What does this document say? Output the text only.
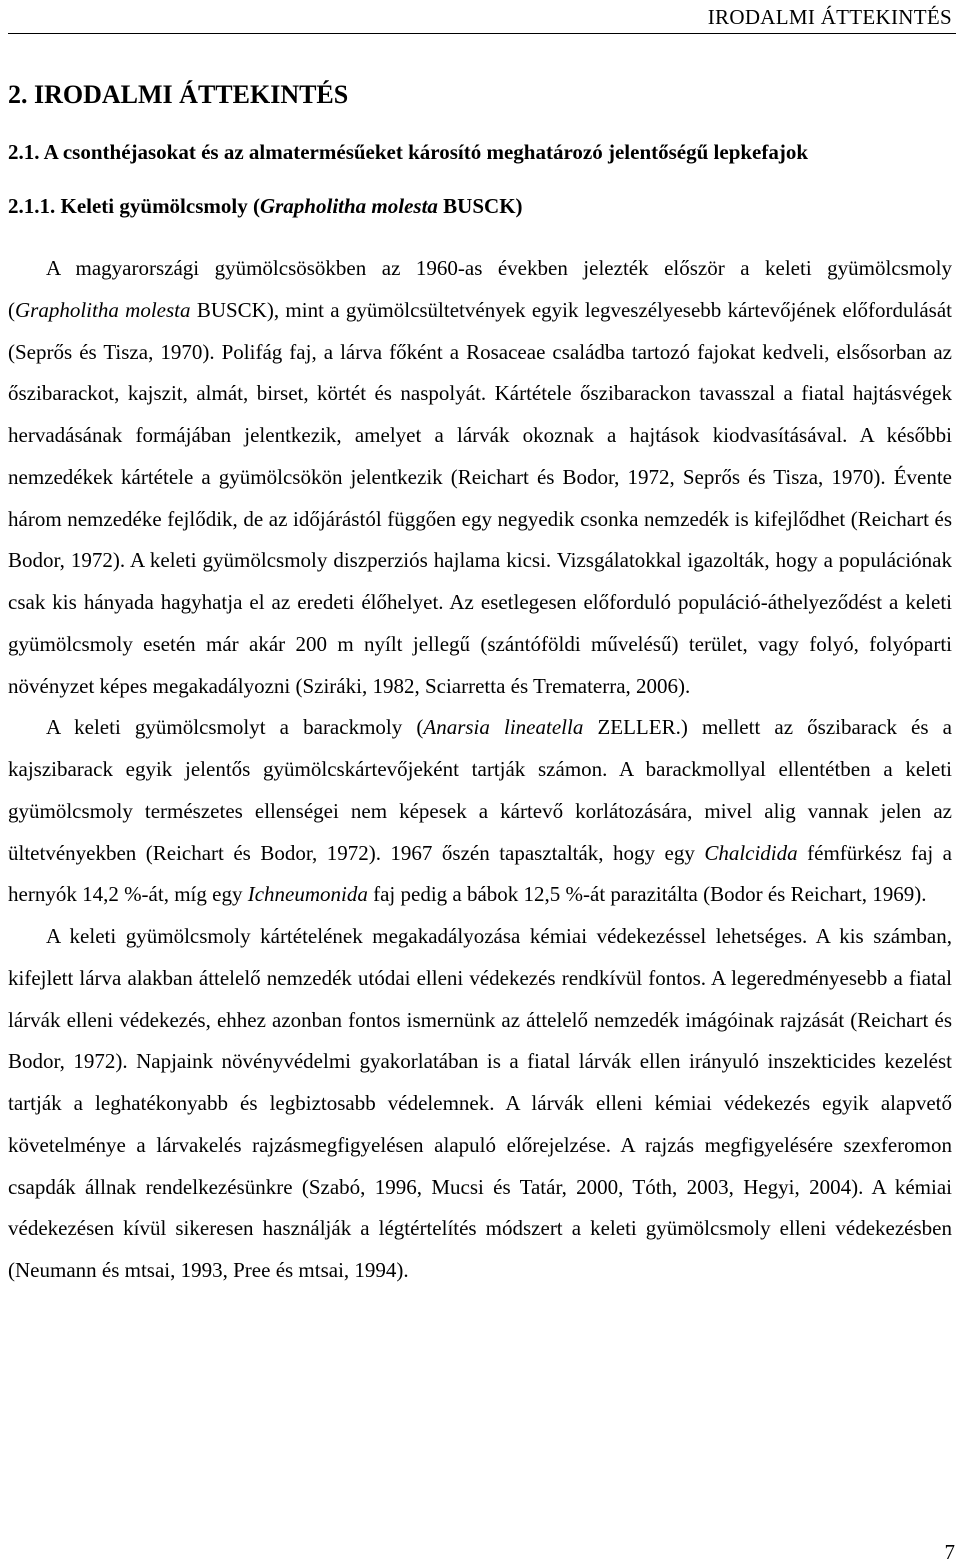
IRODALMI ÁTTEKINTÉS
2. IRODALMI ÁTTEKINTÉS
2.1. A csonthéjasokat és az almatermésűeket károsító meghatározó jelentőségű lepkefajok
2.1.1. Keleti gyümölcsmoly (Grapholitha molesta BUSCK)

A magyarországi gyümölcsösökben az 1960-as években jelezték először a keleti gyümölcsmoly (Grapholitha molesta BUSCK), mint a gyümölcsültetvények egyik legveszélyesebb kártevőjének előfordulását (Seprős és Tisza, 1970). Polifág faj, a lárva főként a Rosaceae családba tartozó fajokat kedveli, elsősorban az őszibarackot, kajszit, almát, birset, körtét és naspolyát. Kártétele őszibarackon tavasszal a fiatal hajtásvégek hervadásának formájában jelentkezik, amelyet a lárvák okoznak a hajtások kiodvasításával. A későbbi nemzedékek kártétele a gyümölcsökön jelentkezik (Reichart és Bodor, 1972, Seprős és Tisza, 1970). Évente három nemzedéke fejlődik, de az időjárástól függően egy negyedik csonka nemzedék is kifejlődhet (Reichart és Bodor, 1972). A keleti gyümölcsmoly diszperziós hajlama kicsi. Vizsgálatokkal igazolták, hogy a populációnak csak kis hányada hagyhatja el az eredeti élőhelyet. Az esetlegesen előforduló populáció-áthelyeződést a keleti gyümölcsmoly esetén már akár 200 m nyílt jellegű (szántóföldi művelésű) terület, vagy folyó, folyóparti növényzet képes megakadályozni (Sziráki, 1982, Sciarretta és Trematerra, 2006).

A keleti gyümölcsmolyt a barackmoly (Anarsia lineatella ZELLER.) mellett az őszibarack és a kajszibarack egyik jelentős gyümölcskártevőjeként tartják számon. A barackmollyal ellentétben a keleti gyümölcsmoly természetes ellenségei nem képesek a kártevő korlátozására, mivel alig vannak jelen az ültetvényekben (Reichart és Bodor, 1972). 1967 őszén tapasztalták, hogy egy Chalcidida fémfürkész faj a hernyók 14,2 %-át, míg egy Ichneumonida faj pedig a bábok 12,5 %-át parazitálta (Bodor és Reichart, 1969).

A keleti gyümölcsmoly kártételének megakadályozása kémiai védekezéssel lehetséges. A kis számban, kifejlett lárva alakban áttelelő nemzedék utódai elleni védekezés rendkívül fontos. A legeredményesebb a fiatal lárvák elleni védekezés, ehhez azonban fontos ismernünk az áttelelő nemzedék imágóinak rajzását (Reichart és Bodor, 1972). Napjaink növényvédelmi gyakorlatában is a fiatal lárvák ellen irányuló inszekticides kezelést tartják a leghatékonyabb és legbiztosabb védelemnek. A lárvák elleni kémiai védekezés egyik alapvető követelménye a lárvakelés rajzásmegfigyelésen alapuló előrejelzése. A rajzás megfigyelésére szexferomon csapdák állnak rendelkezésünkre (Szabó, 1996, Mucsi és Tatár, 2000, Tóth, 2003, Hegyi, 2004). A kémiai védekezésen kívül sikeresen használják a légtértelítés módszert a keleti gyümölcsmoly elleni védekezésben (Neumann és mtsai, 1993, Pree és mtsai, 1994).

7
